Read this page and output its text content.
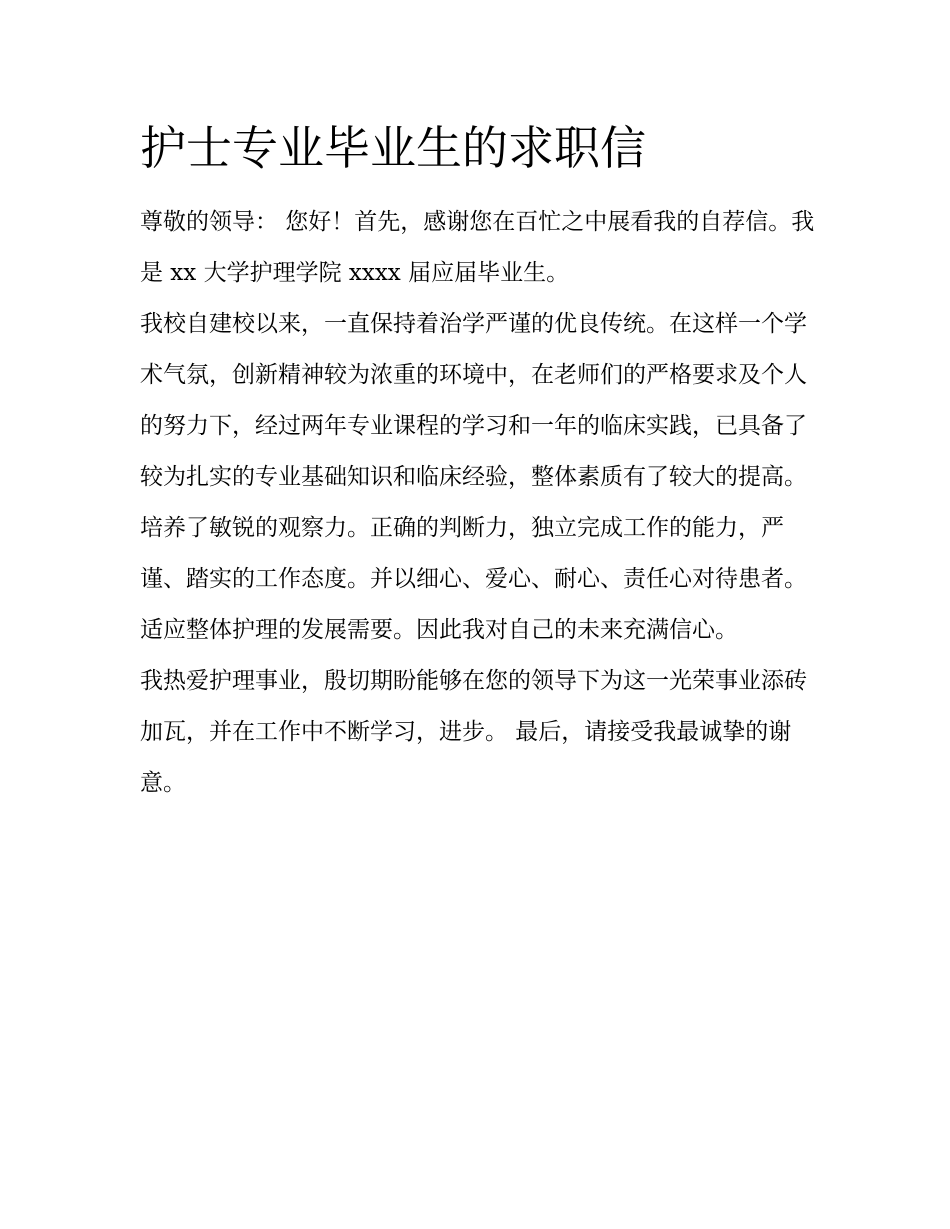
护士专业毕业生的求职信

尊敬的领导： 您好！首先，感谢您在百忙之中展看我的自荐信。我是 xx 大学护理学院 xxxx 届应届毕业生。

我校自建校以来，一直保持着治学严谨的优良传统。在这样一个学术气氛，创新精神较为浓重的环境中，在老师们的严格要求及个人的努力下，经过两年专业课程的学习和一年的临床实践，已具备了较为扎实的专业基础知识和临床经验，整体素质有了较大的提高。培养了敏锐的观察力。正确的判断力，独立完成工作的能力，严谨、踏实的工作态度。并以细心、爱心、耐心、责任心对待患者。适应整体护理的发展需要。因此我对自己的未来充满信心。

我热爱护理事业，殷切期盼能够在您的领导下为这一光荣事业添砖加瓦，并在工作中不断学习，进步。 最后，请接受我最诚挚的谢意。
